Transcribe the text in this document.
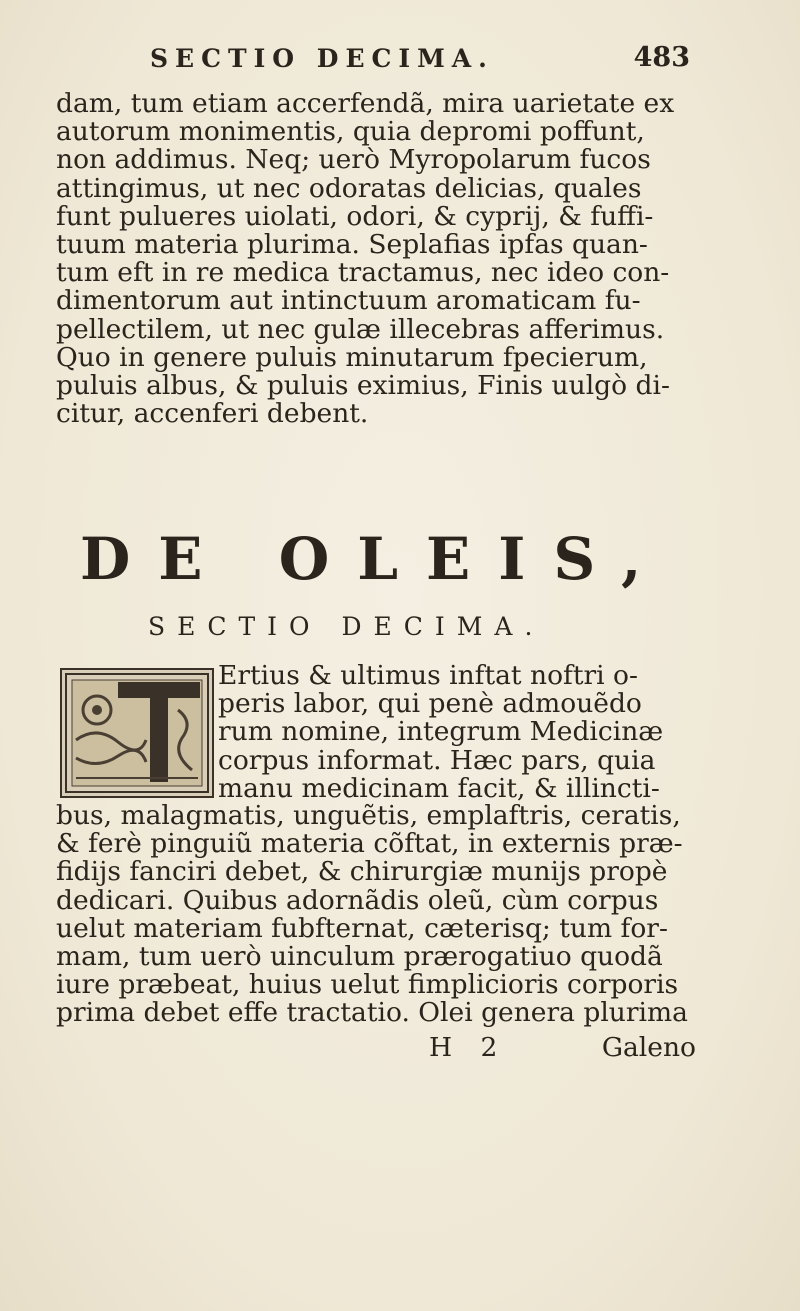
SECTIO DECIMA.	483
dam, tum etiam accerfendã, mira uarietate ex
autorum monimentis, quia depromi poffunt,
non addimus. Neq; uerò Myropolarum fucos
attingimus, ut nec odoratas delicias, quales
funt pulueres uiolati, odori, & cyprij, & fuffi-
tuum materia plurima. Seplafias ipfas quan-
tum eft in re medica tractamus, nec ideo con-
dimentorum aut intinctuum aromaticam fu-
pellectilem, ut nec gulæ illecebras afferimus.
Quo in genere puluis minutarum fpecierum,
puluis albus, & puluis eximius, Finis uulgò di-
citur, accenferi debent.
DE OLEIS,
SECTIO DECIMA.
Ertius & ultimus inftat noftri o-
peris labor, qui penè admouẽdo
rum nomine, integrum Medicinæ
corpus informat. Hæc pars, quia
manu medicinam facit, & illincti-
bus, malagmatis, unguẽtis, emplaftris, ceratis,
& ferè pinguiũ materia cõftat, in externis præ-
fidijs fanciri debet, & chirurgiæ munijs propè
dedicari. Quibus adornãdis oleũ, cùm corpus
uelut materiam fubfternat, cæterisq; tum for-
mam, tum uerò uinculum prærogatiuo quodã
iure præbeat, huius uelut fimplicioris corporis
prima debet effe tractatio. Olei genera plurima
H 2	Galeno
